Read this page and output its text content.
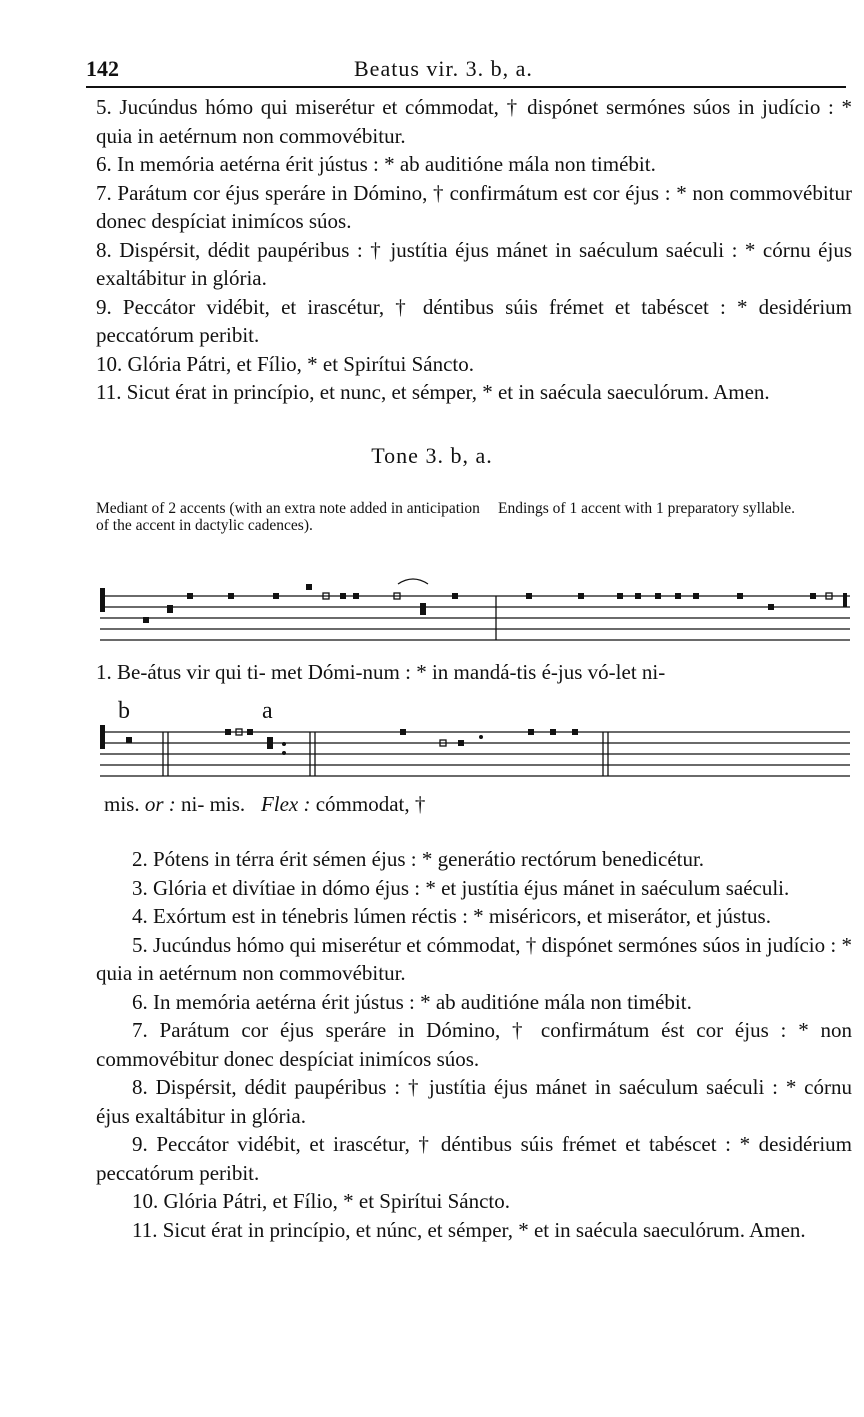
142	Beatus vir. 3. b, a.

5. Jucúndus hómo qui miserétur et cómmodat, † dispónet sermónes súos in judício : * quia in aetérnum non commovébitur.

6. In memória aetérna érit jústus : * ab auditióne mála non timébit.

7. Parátum cor éjus speráre in Dómino, † confirmátum est cor éjus : * non commovébitur donec despíciat inimícos súos.

8. Dispérsit, dédit paupéribus : † justítia éjus mánet in saéculum saéculi : * córnu éjus exaltábitur in glória.

9. Peccátor vidébit, et irascétur, † déntibus súis frémet et tabéscet : * desidérium peccatórum peribit.

10. Glória Pátri, et Fílio, * et Spirítui Sáncto.

11. Sicut érat in princípio, et nunc, et sémper, * et in saécula saeculórum. Amen.

Tone 3. b, a.
Mediant of 2 accents (with an extra note added in anticipation of the accent in dactylic cadences).
Endings of 1 accent with 1 preparatory syllable.
1. Be-átus vir qui ti- met Dómi-num : * in mandá-tis é-jus vó-let ni-
b	a
mis. or : ni- mis. Flex : cómmodat, †

2. Pótens in térra érit sémen éjus : * generátio rectórum benedicétur.

3. Glória et divítiae in dómo éjus : * et justítia éjus mánet in saéculum saéculi.

4. Exórtum est in ténebris lúmen réctis : * miséricors, et miserátor, et jústus.

5. Jucúndus hómo qui miserétur et cómmodat, † dispónet sermónes súos in judício : * quia in aetérnum non commovébitur.

6. In memória aetérna érit jústus : * ab auditióne mála non timébit.

7. Parátum cor éjus speráre in Dómino, † confirmátum ést cor éjus : * non commovébitur donec despíciat inimícos súos.

8. Dispérsit, dédit paupéribus : † justítia éjus mánet in saéculum saéculi : * córnu éjus exaltábitur in glória.

9. Peccátor vidébit, et irascétur, † déntibus súis frémet et tabéscet : * desidérium peccatórum peribit.

10. Glória Pátri, et Fílio, * et Spirítui Sáncto.

11. Sicut érat in princípio, et núnc, et sémper, * et in saécula saeculórum. Amen.
